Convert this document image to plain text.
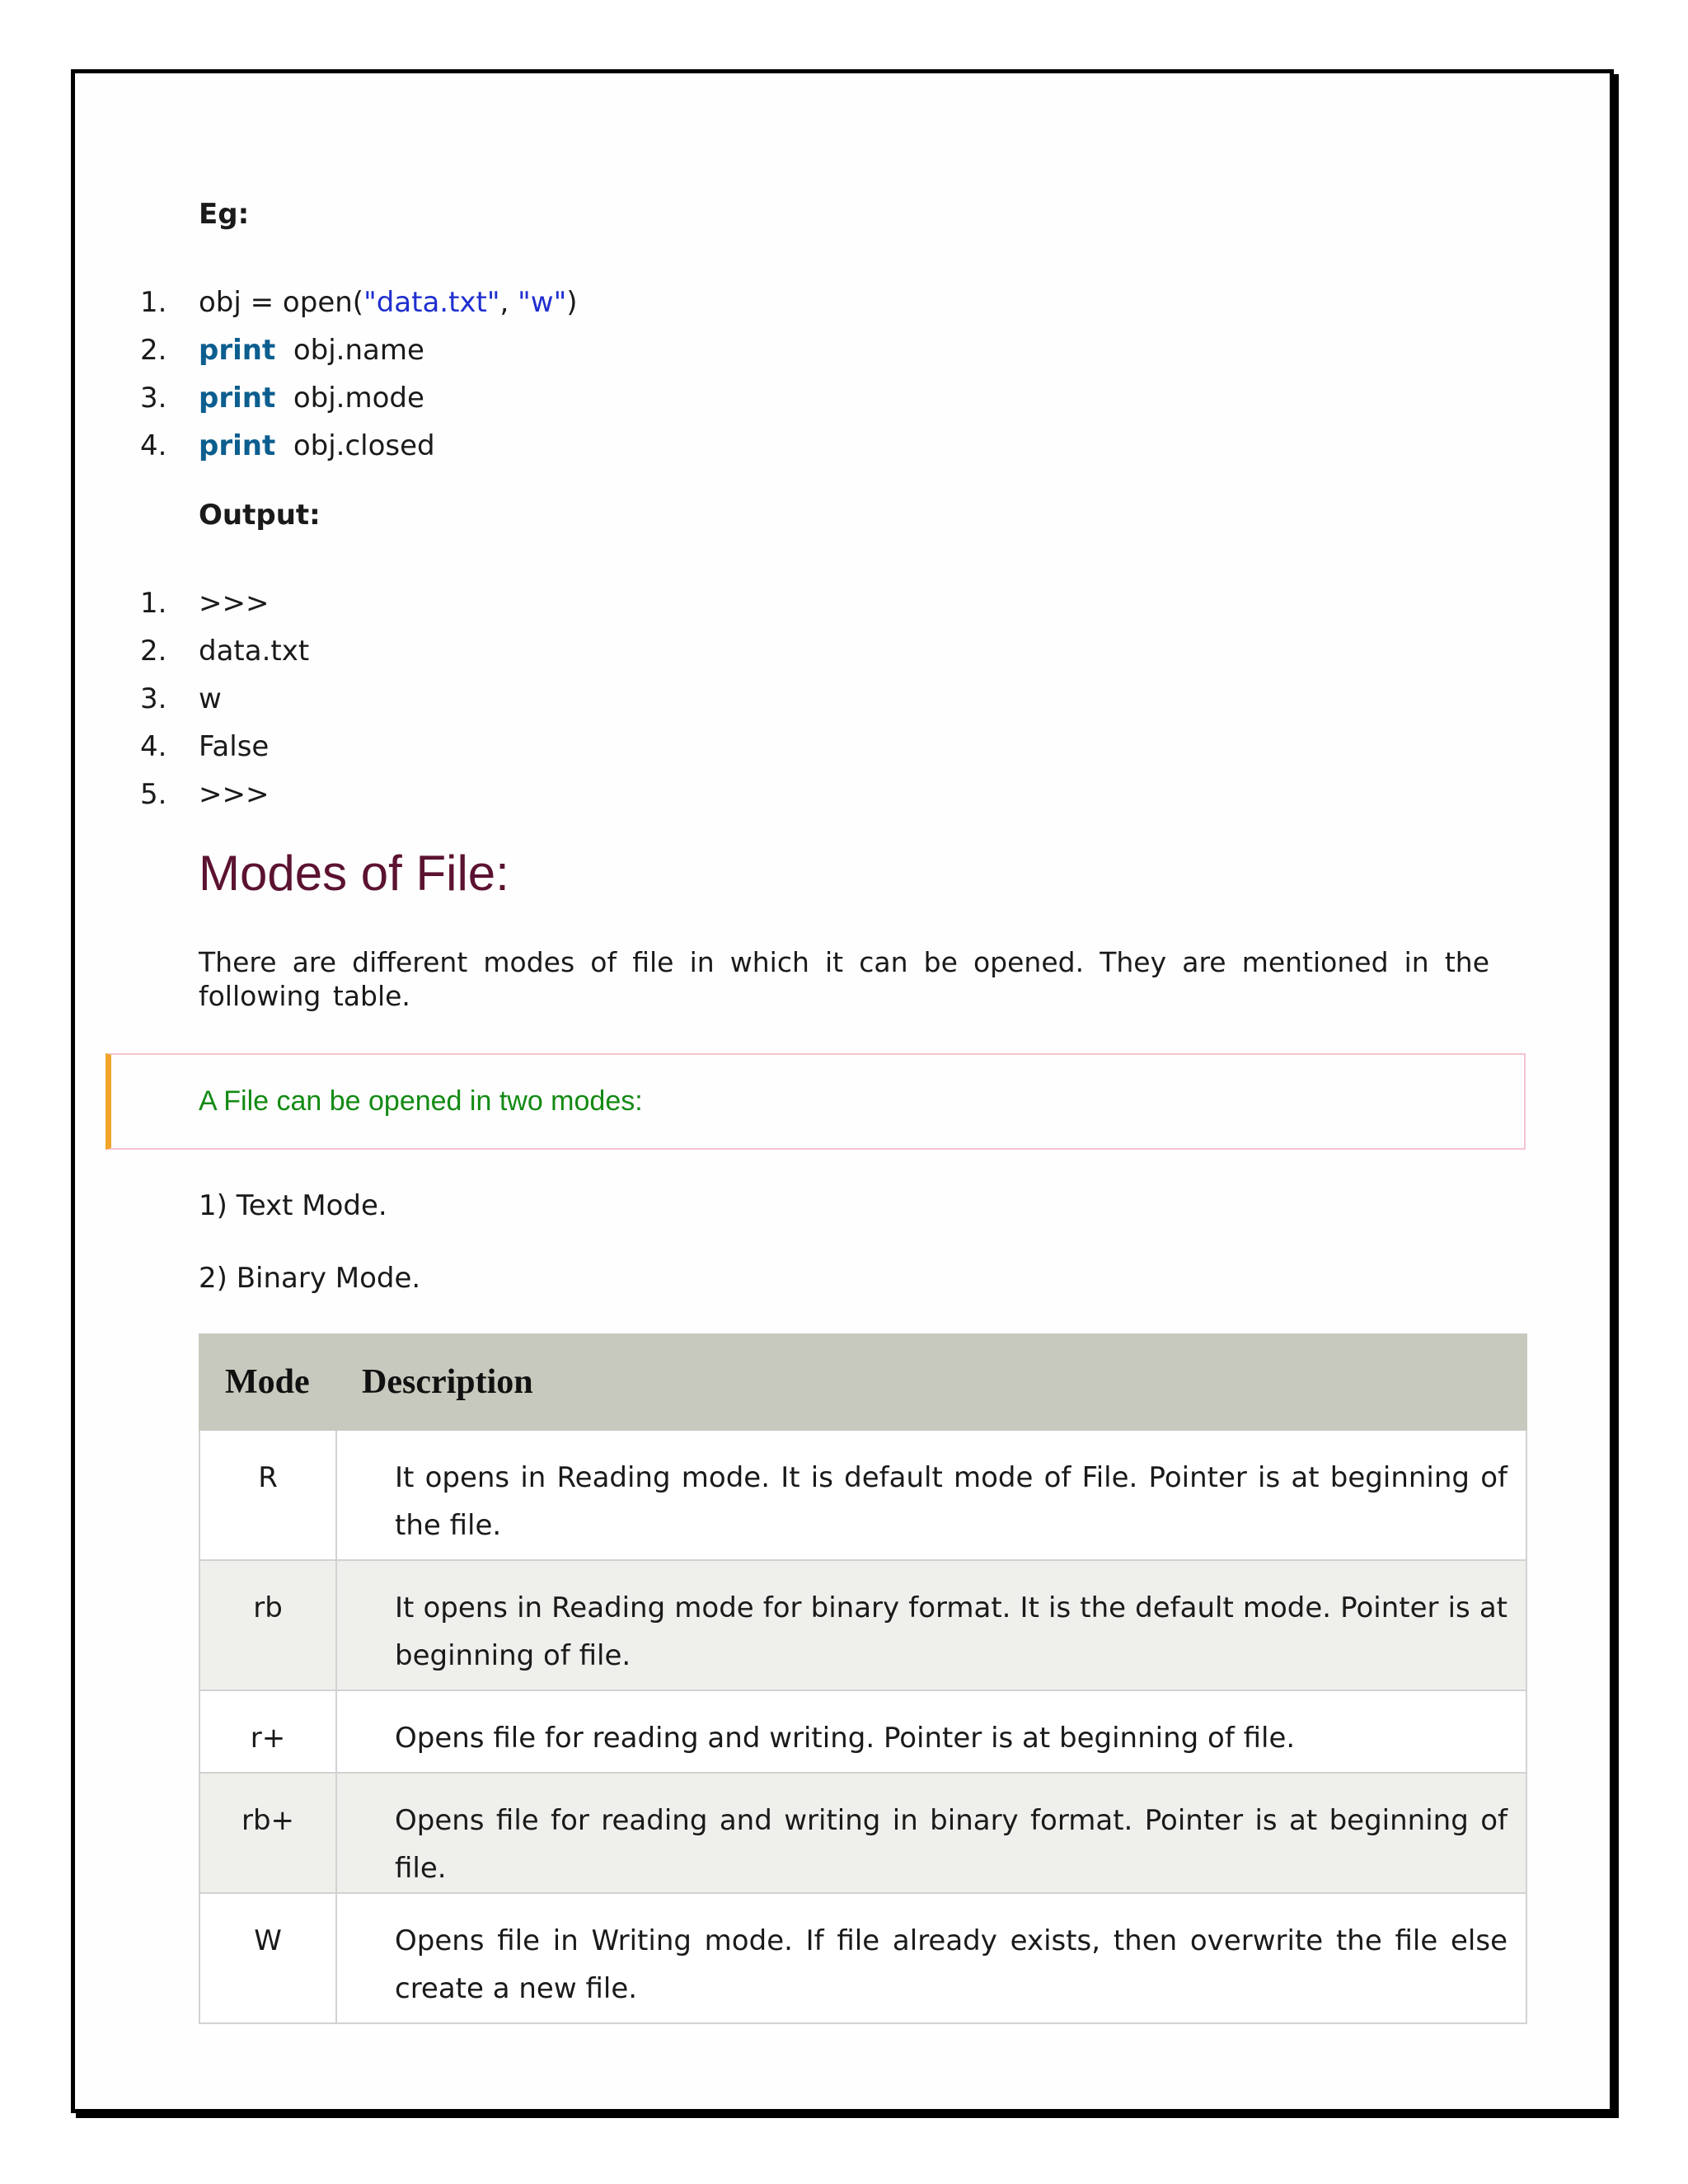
Eg:
1. obj = open("data.txt", "w")
2. print  obj.name
3. print  obj.mode
4. print  obj.closed
Output:
1. >>>
2. data.txt
3. w
4. False
5. >>>
Modes of File:

There are different modes of file in which it can be opened. They are mentioned in the following table.

A File can be opened in two modes:
1) Text Mode.
2) Binary Mode.
Mode	Description
R	It opens in Reading mode. It is default mode of File. Pointer is at beginning of the file.
rb	It opens in Reading mode for binary format. It is the default mode. Pointer is at beginning of file.
r+	Opens file for reading and writing. Pointer is at beginning of file.
rb+	Opens file for reading and writing in binary format. Pointer is at beginning of file.
W	Opens file in Writing mode. If file already exists, then overwrite the file else create a new file.
